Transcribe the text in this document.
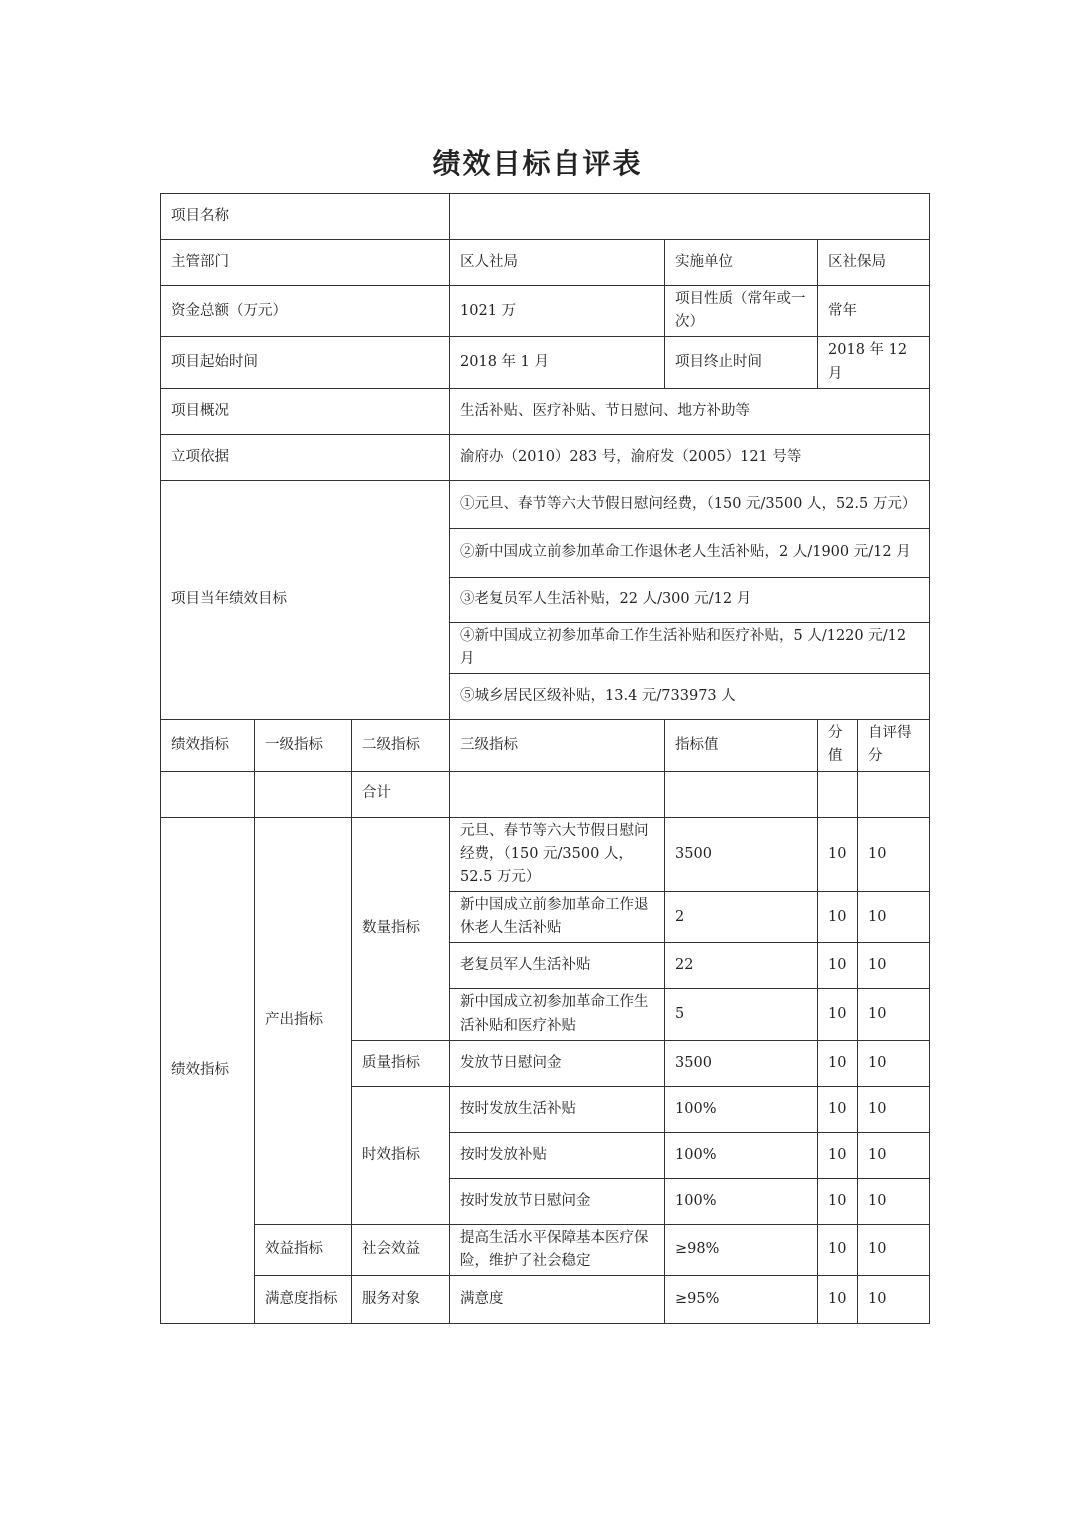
绩效目标自评表
项目名称						
主管部门			区人社局	实施单位	区社保局	
资金总额（万元）			1021 万	项目性质（常年或一次）	常年	
项目起始时间			2018 年 1 月	项目终止时间	2018 年 12 月	
项目概况			生活补贴、医疗补贴、节日慰问、地方补助等			
立项依据			渝府办（2010）283 号，渝府发（2005）121 号等			
项目当年绩效目标			①元旦、春节等六大节假日慰问经费，（150 元/3500 人，52.5 万元）			
			②新中国成立前参加革命工作退休老人生活补贴，2 人/1900 元/12 月			
			③老复员军人生活补贴，22 人/300 元/12 月			
			④新中国成立初参加革命工作生活补贴和医疗补贴，5 人/1220 元/12 月			
			⑤城乡居民区级补贴，13.4 元/733973 人			
绩效指标	一级指标	二级指标	三级指标	指标值	分值	自评得分
		合计				
绩效指标	产出指标	数量指标	元旦、春节等六大节假日慰问经费，（150 元/3500 人，52.5 万元）	3500	10	10
			新中国成立前参加革命工作退休老人生活补贴	2	10	10
			老复员军人生活补贴	22	10	10
			新中国成立初参加革命工作生活补贴和医疗补贴	5	10	10
		质量指标	发放节日慰问金	3500	10	10
		时效指标	按时发放生活补贴	100%	10	10
			按时发放补贴	100%	10	10
			按时发放节日慰问金	100%	10	10
	效益指标	社会效益	提高生活水平保障基本医疗保险，维护了社会稳定	≥98%	10	10
	满意度指标	服务对象	满意度	≥95%	10	10
